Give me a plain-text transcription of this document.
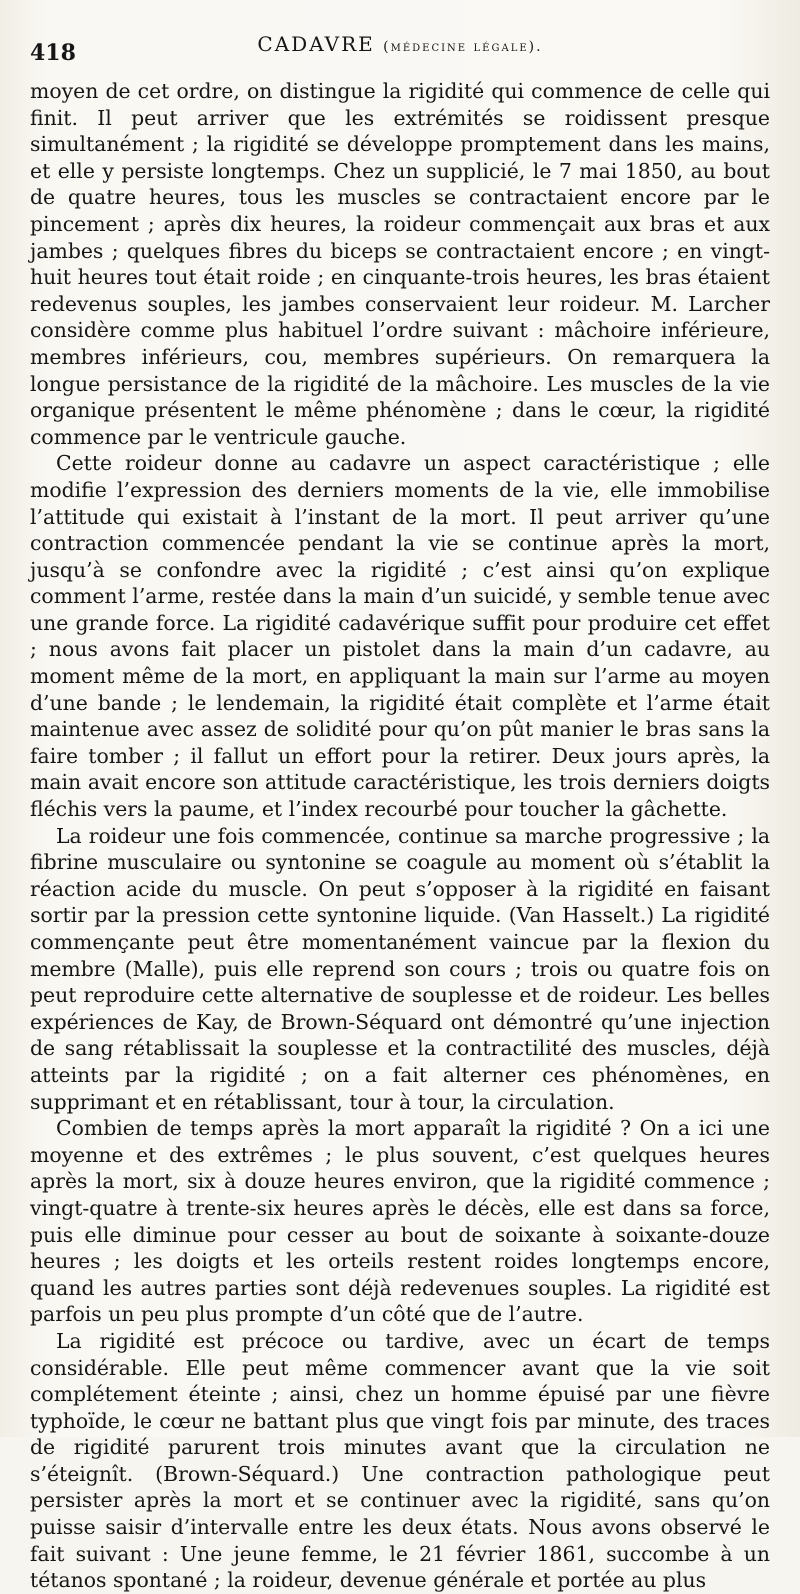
418	CADAVRE (médecine légale).

moyen de cet ordre, on distingue la rigidité qui commence de celle qui finit. Il peut arriver que les extrémités se roidissent presque simultanément ; la rigidité se développe promptement dans les mains, et elle y persiste longtemps. Chez un supplicié, le 7 mai 1850, au bout de quatre heures, tous les muscles se contractaient encore par le pincement ; après dix heures, la roideur commençait aux bras et aux jambes ; quelques fibres du biceps se contractaient encore ; en vingt-huit heures tout était roide ; en cinquante-trois heures, les bras étaient redevenus souples, les jambes conservaient leur roideur. M. Larcher considère comme plus habituel l’ordre suivant : mâchoire inférieure, membres inférieurs, cou, membres supérieurs. On remarquera la longue persistance de la rigidité de la mâchoire. Les muscles de la vie organique présentent le même phénomène ; dans le cœur, la rigidité commence par le ventricule gauche.

Cette roideur donne au cadavre un aspect caractéristique ; elle modifie l’expression des derniers moments de la vie, elle immobilise l’attitude qui existait à l’instant de la mort. Il peut arriver qu’une contraction commencée pendant la vie se continue après la mort, jusqu’à se confondre avec la rigidité ; c’est ainsi qu’on explique comment l’arme, restée dans la main d’un suicidé, y semble tenue avec une grande force. La rigidité cadavérique suffit pour produire cet effet ; nous avons fait placer un pistolet dans la main d’un cadavre, au moment même de la mort, en appliquant la main sur l’arme au moyen d’une bande ; le lendemain, la rigidité était complète et l’arme était maintenue avec assez de solidité pour qu’on pût manier le bras sans la faire tomber ; il fallut un effort pour la retirer. Deux jours après, la main avait encore son attitude caractéristique, les trois derniers doigts fléchis vers la paume, et l’index recourbé pour toucher la gâchette.

La roideur une fois commencée, continue sa marche progressive ; la fibrine musculaire ou syntonine se coagule au moment où s’établit la réaction acide du muscle. On peut s’opposer à la rigidité en faisant sortir par la pression cette syntonine liquide. (Van Hasselt.) La rigidité commençante peut être momentanément vaincue par la flexion du membre (Malle), puis elle reprend son cours ; trois ou quatre fois on peut reproduire cette alternative de souplesse et de roideur. Les belles expériences de Kay, de Brown-Séquard ont démontré qu’une injection de sang rétablissait la souplesse et la contractilité des muscles, déjà atteints par la rigidité ; on a fait alterner ces phénomènes, en supprimant et en rétablissant, tour à tour, la circulation.

Combien de temps après la mort apparaît la rigidité ? On a ici une moyenne et des extrêmes ; le plus souvent, c’est quelques heures après la mort, six à douze heures environ, que la rigidité commence ; vingt-quatre à trente-six heures après le décès, elle est dans sa force, puis elle diminue pour cesser au bout de soixante à soixante-douze heures ; les doigts et les orteils restent roides longtemps encore, quand les autres parties sont déjà redevenues souples. La rigidité est parfois un peu plus prompte d’un côté que de l’autre.

La rigidité est précoce ou tardive, avec un écart de temps considérable. Elle peut même commencer avant que la vie soit complétement éteinte ; ainsi, chez un homme épuisé par une fièvre typhoïde, le cœur ne battant plus que vingt fois par minute, des traces de rigidité parurent trois minutes avant que la circulation ne s’éteignît. (Brown-Séquard.) Une contraction pathologique peut persister après la mort et se continuer avec la rigidité, sans qu’on puisse saisir d’intervalle entre les deux états. Nous avons observé le fait suivant : Une jeune femme, le 21 février 1861, succombe à un tétanos spontané ; la roideur, devenue générale et portée au plus
